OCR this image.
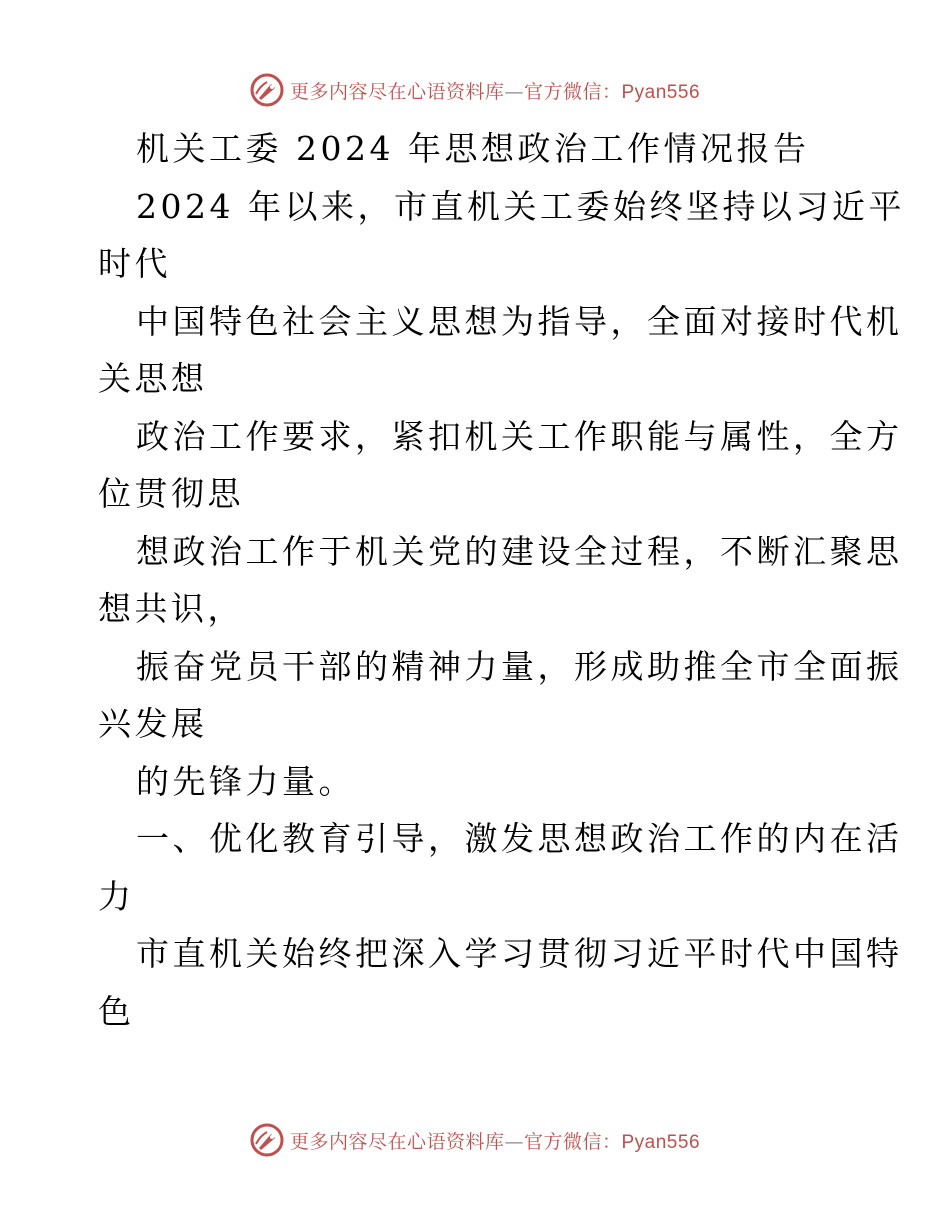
更多内容尽在心语资料库—官方微信：Pyan556
机关工委 2024 年思想政治工作情况报告
2024 年以来，市直机关工委始终坚持以习近平
时代
中国特色社会主义思想为指导，全面对接时代机
关思想
政治工作要求，紧扣机关工作职能与属性，全方
位贯彻思
想政治工作于机关党的建设全过程，不断汇聚思
想共识，
振奋党员干部的精神力量，形成助推全市全面振
兴发展
的先锋力量。
一、优化教育引导，激发思想政治工作的内在活
力
市直机关始终把深入学习贯彻习近平时代中国特
色
更多内容尽在心语资料库—官方微信：Pyan556
